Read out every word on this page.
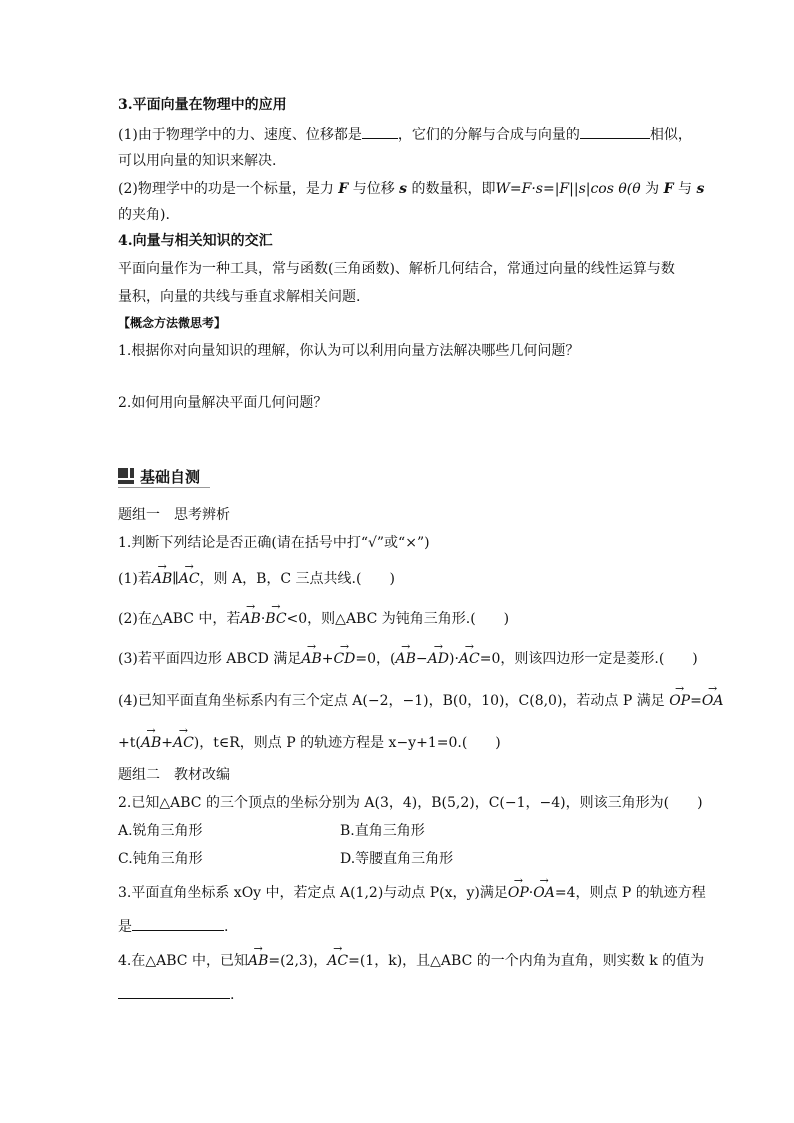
3.平面向量在物理中的应用
(1)由于物理学中的力、速度、位移都是	，它们的分解与合成与向量的	相似，
可以用向量的知识来解决.
(2)物理学中的功是一个标量，是力 F 与位移 s 的数量积，即W=F·s=|F||s|cos θ(θ 为 F 与 s
的夹角).
4.向量与相关知识的交汇
平面向量作为一种工具，常与函数(三角函数)、解析几何结合，常通过向量的线性运算与数
量积，向量的共线与垂直求解相关问题.
【概念方法微思考】
1.根据你对向量知识的理解，你认为可以利用向量方法解决哪些几何问题？
2.如何用向量解决平面几何问题？
基础自测
题组一　思考辨析
1.判断下列结论是否正确(请在括号中打“√”或“×”)
(1)若→ AB∥→ AC，则 A，B，C 三点共线.(　　)
(2)在△ABC 中，若→ AB·→ BC<0，则△ABC 为钝角三角形.(　　)
(3)若平面四边形 ABCD 满足→ AB+→ CD=0，(→ AB−→ AD)·→ AC=0，则该四边形一定是菱形.(　　)
(4)已知平面直角坐标系内有三个定点 A(−2，−1)，B(0，10)，C(8,0)，若动点 P 满足 → OP=→ OA
+t(→ AB+→ AC)，t∈R，则点 P 的轨迹方程是 x−y+1=0.(　　)
题组二　教材改编
2.已知△ABC 的三个顶点的坐标分别为 A(3，4)，B(5,2)，C(−1，−4)，则该三角形为(　　)
A.锐角三角形	B.直角三角形
C.钝角三角形	D.等腰直角三角形
3.平面直角坐标系 xOy 中，若定点 A(1,2)与动点 P(x，y)满足→ OP·→ OA=4，则点 P 的轨迹方程
是	.
4.在△ABC 中，已知→ AB=(2,3)，→ AC=(1，k)，且△ABC 的一个内角为直角，则实数 k 的值为
.
